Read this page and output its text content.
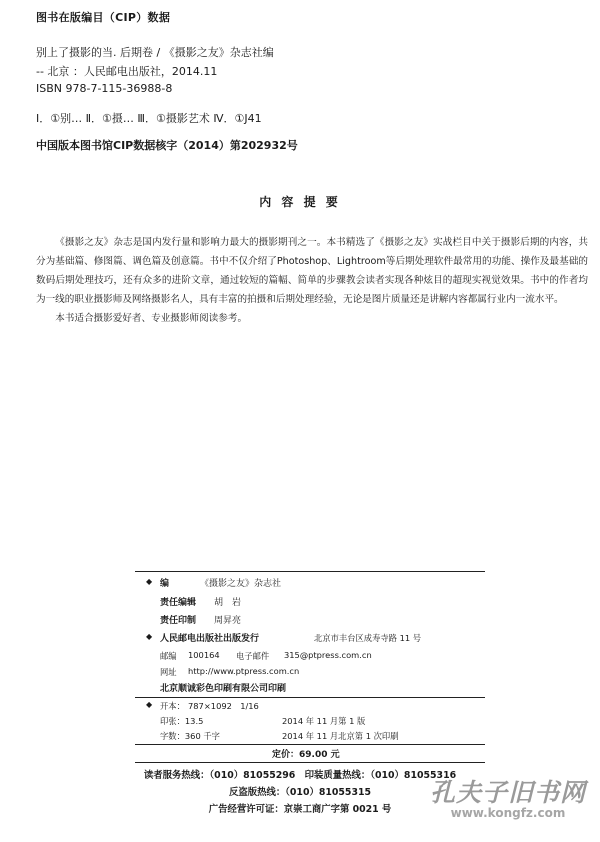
图书在版编目（CIP）数据
别上了摄影的当. 后期卷 / 《摄影之友》杂志社编
-- 北京 ：人民邮电出版社，2014.11
ISBN 978-7-115-36988-8
Ⅰ．①别… Ⅱ．①摄… Ⅲ．①摄影艺术 Ⅳ．①J41
中国版本图书馆CIP数据核字（2014）第202932号
内 容 提 要

《摄影之友》杂志是国内发行量和影响力最大的摄影期刊之一。本书精选了《摄影之友》实战栏目中关于摄影后期的内容，共分为基础篇、修图篇、调色篇及创意篇。书中不仅介绍了Photoshop、Lightroom等后期处理软件最常用的功能、操作及最基础的数码后期处理技巧，还有众多的进阶文章，通过较短的篇幅、简单的步骤教会读者实现各种炫目的超现实视觉效果。书中的作者均为一线的职业摄影师及网络摄影名人，具有丰富的拍摄和后期处理经验，无论是图片质量还是讲解内容都属行业内一流水平。

本书适合摄影爱好者、专业摄影师阅读参考。

◆ 编　　 《摄影之友》杂志社
责任编辑 胡　岩
责任印制 周昇亮
◆ 人民邮电出版社出版发行	北京市丰台区成寿寺路 11 号
邮编 100164 电子邮件 315@ptpress.com.cn
网址 http://www.ptpress.com.cn
北京顺诚彩色印刷有限公司印刷
◆ 开本： 787×1092　1/16
印张：13.5	2014 年 11 月第 1 版
字数：360 千字	2014 年 11 月北京第 1 次印刷
定价：69.00 元
读者服务热线：（010）81055296　印装质量热线：（010）81055316
反盗版热线：（010）81055315
广告经营许可证：京崇工商广字第 0021 号
孔夫子旧书网
www.kongfz.com
